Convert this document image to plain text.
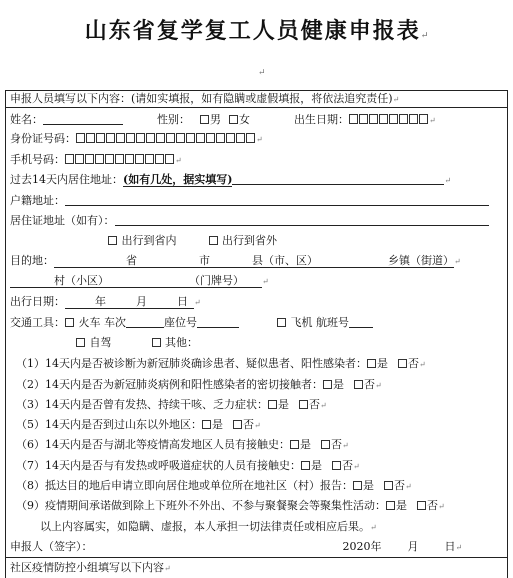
山东省复学复工人员健康申报表↵
↵
申报人员填写以下内容：(请如实填报，如有隐瞒或虚假填报，将依法追究责任)↵
姓名：	性别： 男 女	出生日期：	↵
身份证号码：	↵
手机号码：	↵
过去14天内居住地址：(如有几处，据实填写)	↵
户籍地址：
居住证地址（如有）：
出行到省内	出行到省外
目的地：	省	市	县（市、区）	乡镇（街道）↵
村（小区）	（门牌号） ↵
出行日期：	年	月	日 ↵
交通工具： 火车 车次	座位号	飞机 航班号
自驾	其他：
（1）14天内是否被诊断为新冠肺炎确诊患者、疑似患者、阳性感染者： 是 否↵
（2）14天内是否为新冠肺炎病例和阳性感染者的密切接触者： 是 否↵
（3）14天内是否曾有发热、持续干咳、乏力症状： 是 否↵
（5）14天内是否到过山东以外地区： 是 否↵
（6）14天内是否与湖北等疫情高发地区人员有接触史： 是 否↵
（7）14天内是否与有发热或呼吸道症状的人员有接触史： 是 否↵
（8）抵达目的地后申请立即向居住地或单位所在地社区（村）报告： 是 否↵
（9）疫情期间承诺做到除上下班外不外出、不参与聚餐聚会等聚集性活动： 是 否↵
以上内容属实，如隐瞒、虚报，本人承担一切法律责任或相应后果。↵
申报人（签字）：	2020年 月 日↵
社区疫情防控小组填写以下内容↵
